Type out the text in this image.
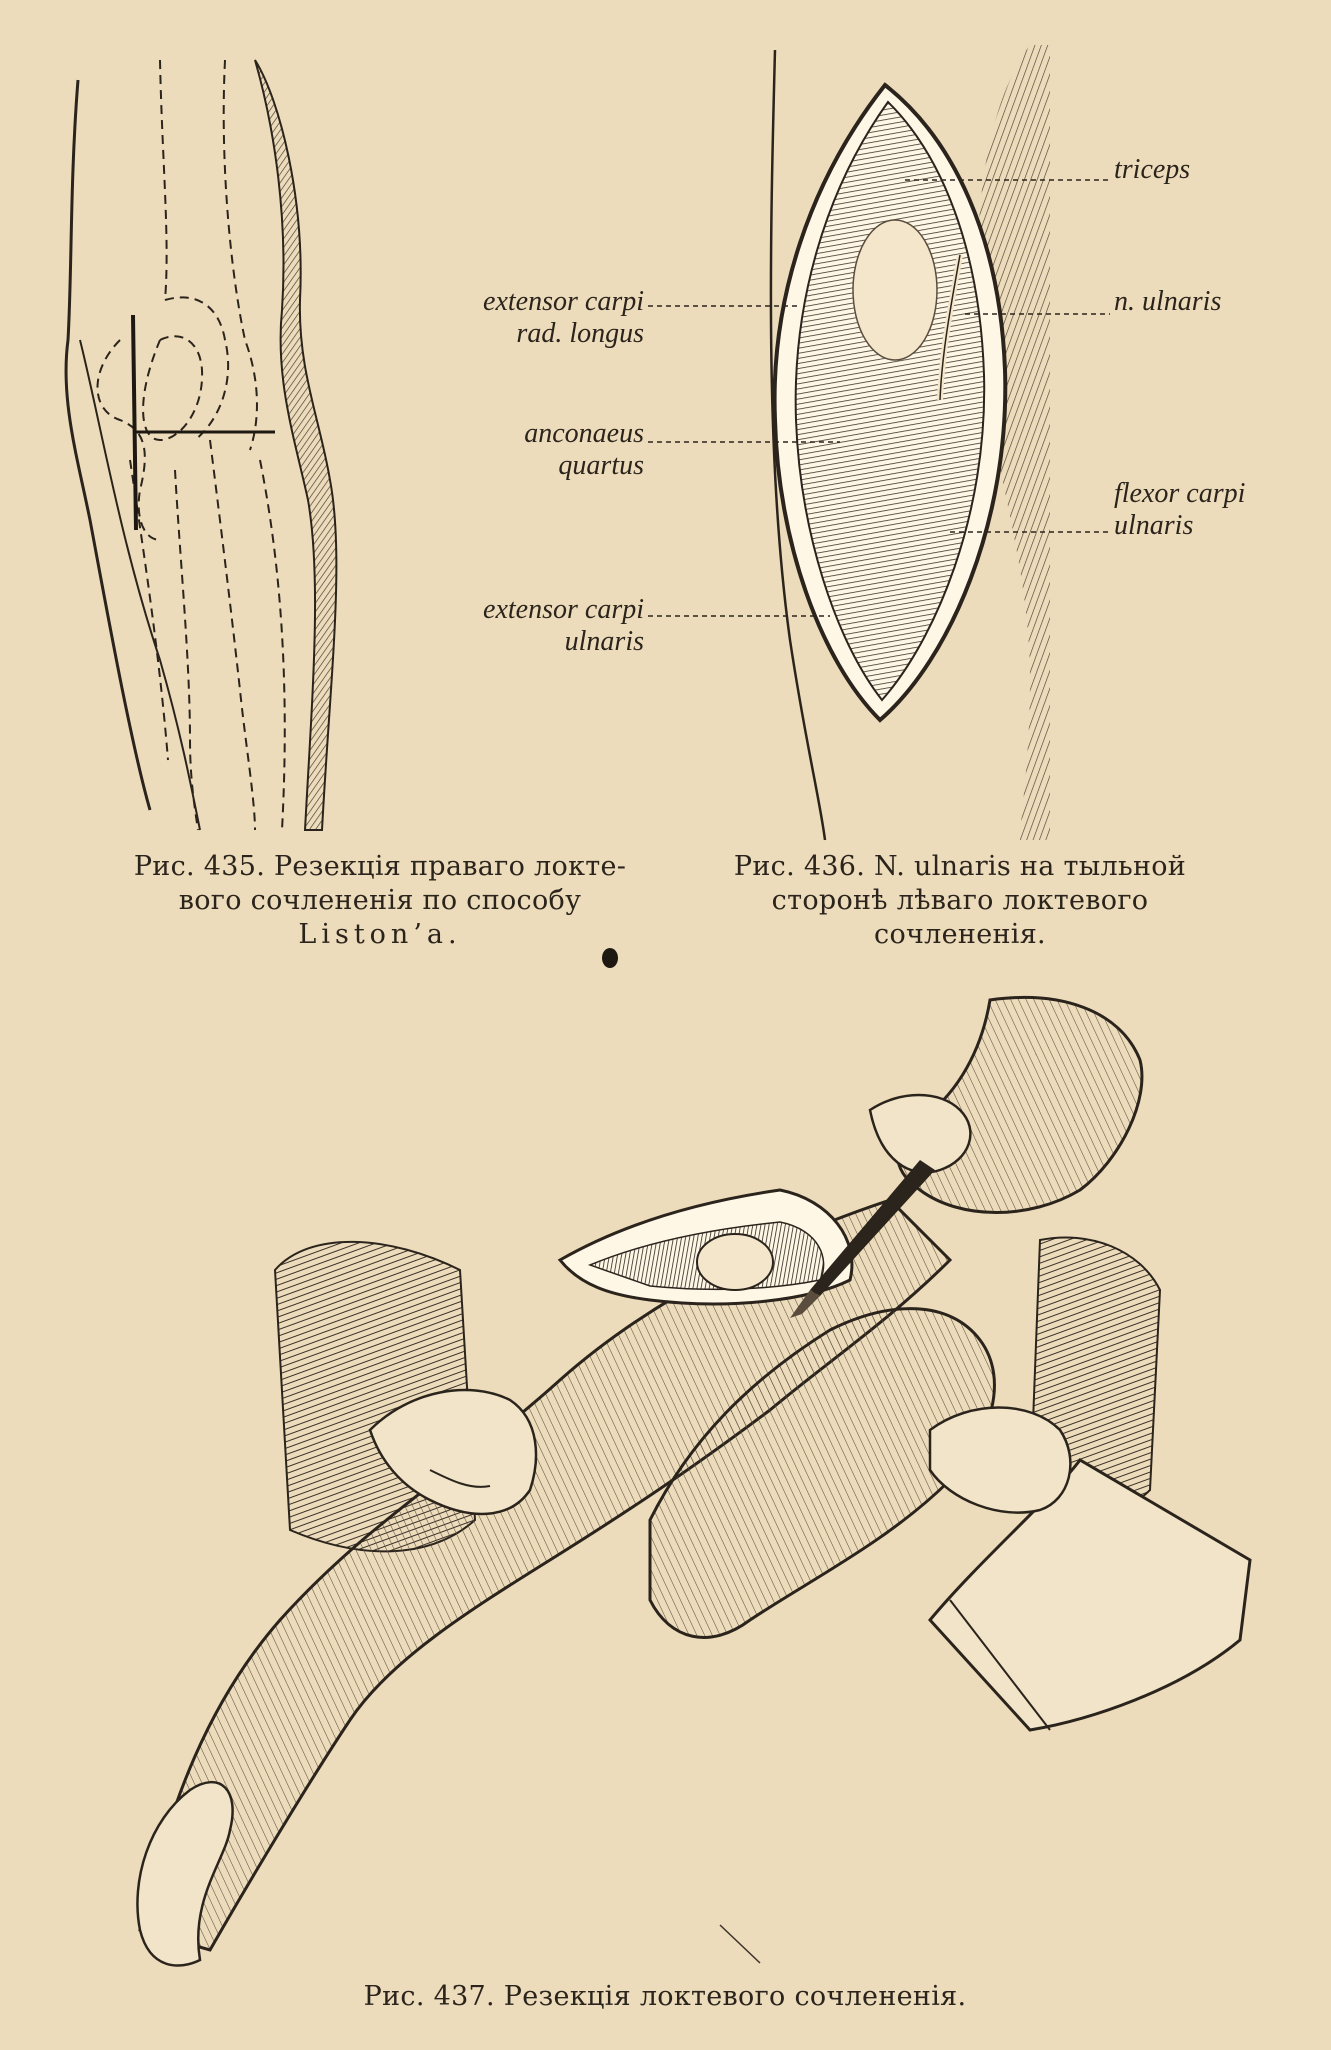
Рис. 435. Резекція праваго локте-
вого сочлененія по способу
Liston’a.
extensor carpi
rad. longus
anconaeus
quartus
extensor carpi
ulnaris
triceps
n. ulnaris
flexor carpi
ulnaris
Рис. 436. N. ulnaris на тыльной
сторонѣ лѣваго локтевого
сочлененія.
Рис. 437. Резекція локтевого сочлененія.
